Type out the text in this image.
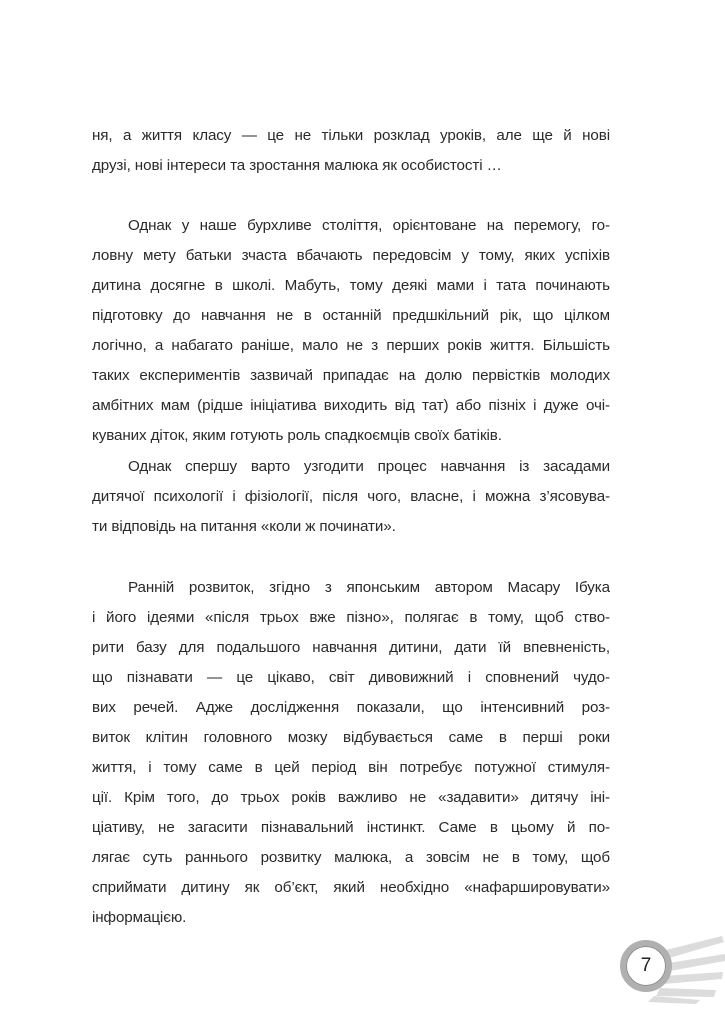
ня, а життя класу — це не тільки розклад уроків, але ще й нові
друзі, нові інтереси та зростання малюка як особистості …
Однак у наше бурхливе століття, орієнтоване на перемогу, го-
ловну мету батьки зчаста вбачають передовсім у тому, яких успіхів
дитина досягне в школі. Мабуть, тому деякі мами і тата починають
підготовку до навчання не в останній предшкільний рік, що цілком
логічно, а набагато раніше, мало не з перших років життя. Більшість
таких експериментів зазвичай припадає на долю первістків молодих
амбітних мам (рідше ініціатива виходить від тат) або пізніх і дуже очі-
куваних діток, яким готують роль спадкоємців своїх батіків.
Однак спершу варто узгодити процес навчання із засадами
дитячої психології і фізіології, після чого, власне, і можна з’ясовува-
ти відповідь на питання «коли ж починати».
Ранній розвиток, згідно з японським автором Масару Ібука
і його ідеями «після трьох вже пізно», полягає в тому, щоб ство-
рити базу для подальшого навчання дитини, дати їй впевненість,
що пізнавати — це цікаво, світ дивовижний і сповнений чудо-
вих речей. Адже дослідження показали, що інтенсивний роз-
виток клітин головного мозку відбувається саме в перші роки
життя, і тому саме в цей період він потребує потужної стимуля-
ції. Крім того, до трьох років важливо не «задавити» дитячу іні-
ціативу, не загасити пізнавальний інстинкт. Саме в цьому й по-
лягає суть раннього розвитку малюка, а зовсім не в тому, щоб
сприймати дитину як об’єкт, який необхідно «нафаршировувати»
інформацією.
7
